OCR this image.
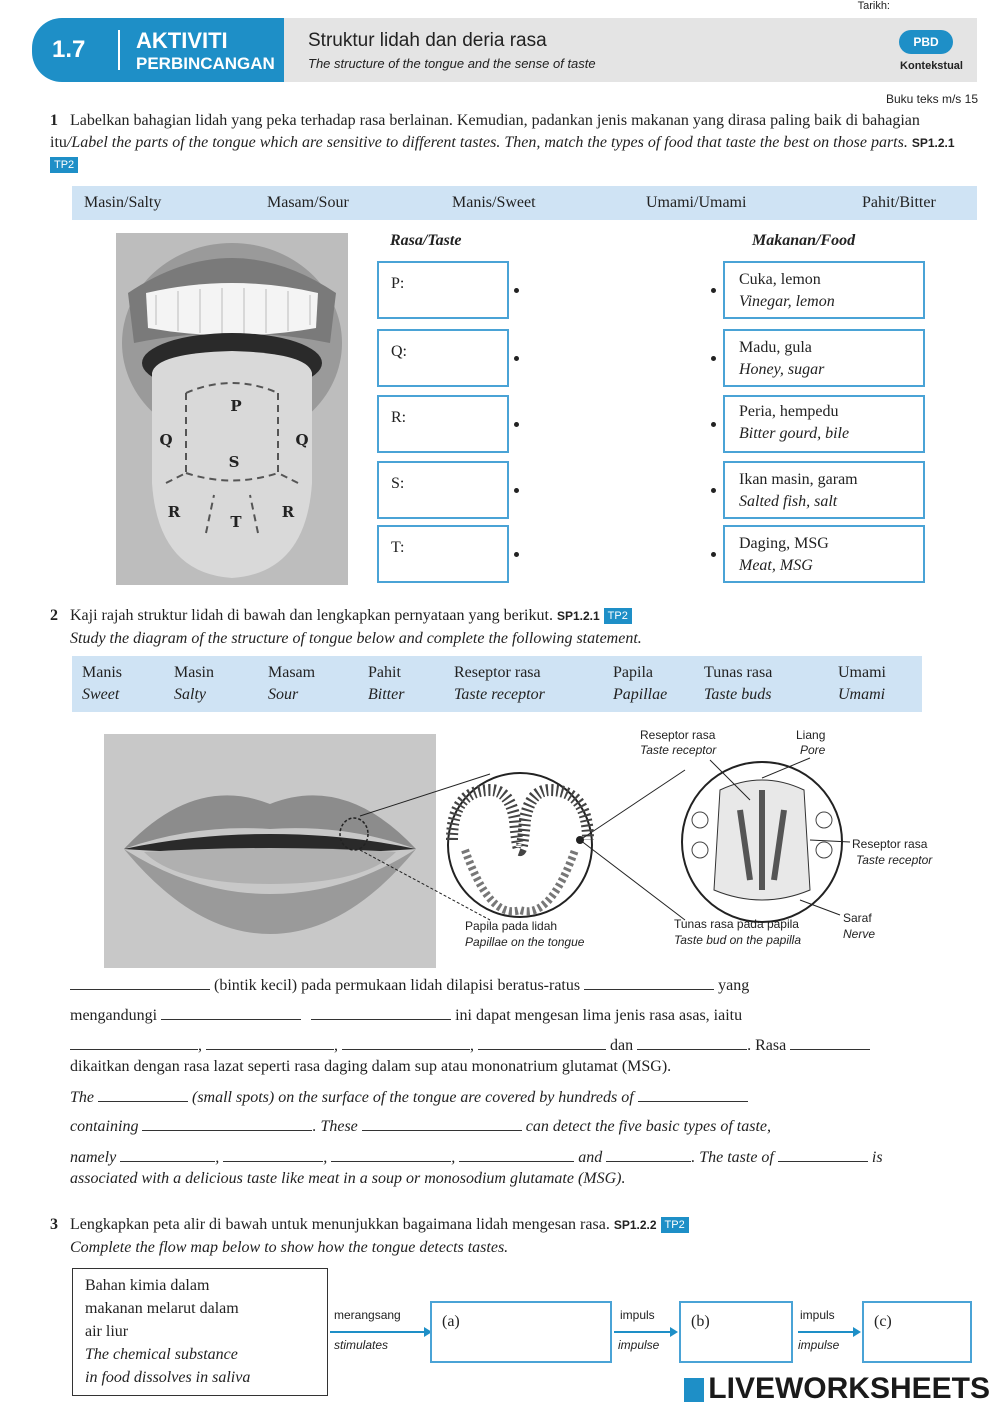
Tarikh:
1.7 AKTIVITI
PERBINCANGAN
Struktur lidah dan deria rasa
The structure of the tongue and the sense of taste
PBD
Kontekstual
Buku teks m/s 15
1 Labelkan bahagian lidah yang peka terhadap rasa berlainan. Kemudian, padankan jenis makanan yang dirasa paling baik di bahagian itu/Label the parts of the tongue which are sensitive to different tastes. Then, match the types of food that taste the best on those parts. SP1.2.1 TP2
Masin/Salty	Masam/Sour	Manis/Sweet	Umami/Umami	Pahit/Bitter
P
Q	Q
S
R	R
T
Rasa/Taste	Makanan/Food
P:
Q:
R:
S:
T:
Cuka, lemon
Vinegar, lemon
Madu, gula
Honey, sugar
Peria, hempedu
Bitter gourd, bile
Ikan masin, garam
Salted fish, salt
Daging, MSG
Meat, MSG
2 Kaji rajah struktur lidah di bawah dan lengkapkan pernyataan yang berikut. SP1.2.1 TP2
Study the diagram of the structure of tongue below and complete the following statement.
Manis
Sweet
Masin
Salty
Masam
Sour
Pahit
Bitter
Reseptor rasa
Taste receptor
Papila
Papillae
Tunas rasa
Taste buds
Umami
Umami
Reseptor rasa
Taste receptor
Liang
Pore
Reseptor rasa
Taste receptor
Saraf
Nerve
Papila pada lidah
Papillae on the tongue
Tunas rasa pada papila
Taste bud on the papilla
(bintik kecil) pada permukaan lidah dilapisi beratus-ratus	yang
mengandungi	ini dapat mengesan lima jenis rasa asas, iaitu
,	,	,	dan	. Rasa
dikaitkan dengan rasa lazat seperti rasa daging dalam sup atau mononatrium glutamat (MSG).
The	(small spots) on the surface of the tongue are covered by hundreds of
containing	. These	can detect the five basic types of taste,
namely	,	,	,	and	. The taste of	is
associated with a delicious taste like meat in a soup or monosodium glutamate (MSG).
3 Lengkapkan peta alir di bawah untuk menunjukkan bagaimana lidah mengesan rasa. SP1.2.2 TP2
Complete the flow map below to show how the tongue detects tastes.
Bahan kimia dalam
makanan melarut dalam
air liur
The chemical substance
in food dissolves in saliva
merangsang
stimulates
(a)	impuls
impulse
(b)	impuls
impulse
(c)
LIVEWORKSHEETS
